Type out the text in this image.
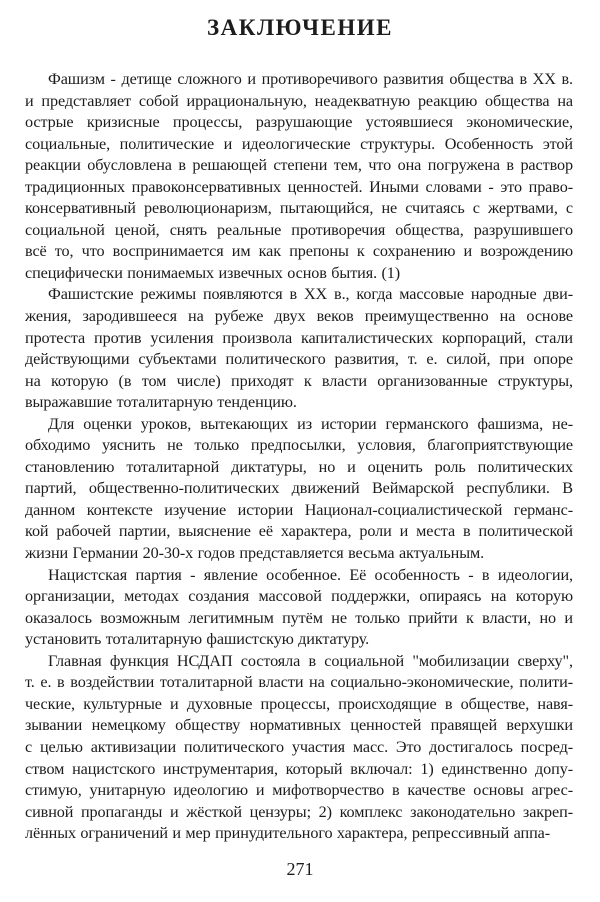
ЗАКЛЮЧЕНИЕ

Фашизм - детище сложного и противоречивого развития общества в XX в.
и представляет собой иррациональную, неадекватную реакцию общества на
острые кризисные процессы, разрушающие устоявшиеся экономические,
социальные, политические и идеологические структуры. Особенность этой
реакции обусловлена в решающей степени тем, что она погружена в раствор
традиционных правоконсервативных ценностей. Иными словами - это право-
консервативный революционаризм, пытающийся, не считаясь с жертвами, с
социальной ценой, снять реальные противоречия общества, разрушившего
всё то, что воспринимается им как препоны к сохранению и возрождению
специфически понимаемых извечных основ бытия. (1)

Фашистские режимы появляются в XX в., когда массовые народные дви-
жения, зародившееся на рубеже двух веков преимущественно на основе
протеста против усиления произвола капиталистических корпораций, стали
действующими субъектами политического развития, т. е. силой, при опоре
на которую (в том числе) приходят к власти организованные структуры,
выражавшие тоталитарную тенденцию.

Для оценки уроков, вытекающих из истории германского фашизма, не-
обходимо уяснить не только предпосылки, условия, благоприятствующие
становлению тоталитарной диктатуры, но и оценить роль политических
партий, общественно-политических движений Веймарской республики. В
данном контексте изучение истории Национал-социалистической германс-
кой рабочей партии, выяснение её характера, роли и места в политической
жизни Германии 20-30-х годов представляется весьма актуальным.

Нацистская партия - явление особенное. Её особенность - в идеологии,
организации, методах создания массовой поддержки, опираясь на которую
оказалось возможным легитимным путём не только прийти к власти, но и
установить тоталитарную фашистскую диктатуру.

Главная функция НСДАП состояла в социальной "мобилизации сверху",
т. е. в воздействии тоталитарной власти на социально-экономические, полити-
ческие, культурные и духовные процессы, происходящие в обществе, навя-
зывании немецкому обществу нормативных ценностей правящей верхушки
с целью активизации политического участия масс. Это достигалось посред-
ством нацистского инструментария, который включал: 1) единственно допу-
стимую, унитарную идеологию и мифотворчество в качестве основы агрес-
сивной пропаганды и жёсткой цензуры; 2) комплекс законодательно закреп-
лённых ограничений и мер принудительного характера, репрессивный аппа-

271
